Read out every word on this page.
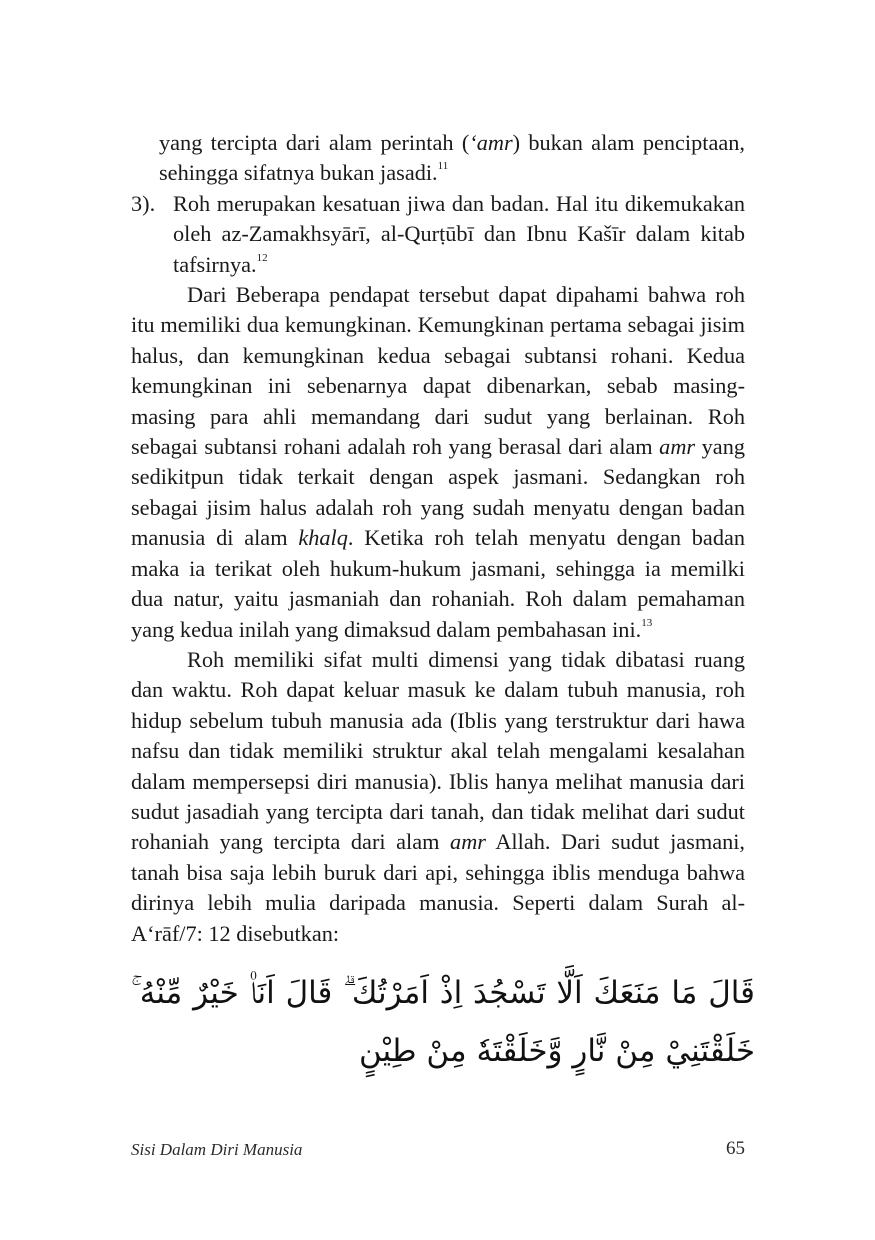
yang tercipta dari alam perintah (‘amr) bukan alam penciptaan, sehingga sifatnya bukan jasadi.$^{11}$

3). Roh merupakan kesatuan jiwa dan badan. Hal itu dikemukakan oleh az-Zamakhsyārī, al-Qurṭūbī dan Ibnu Kašīr dalam kitab tafsirnya.$^{12}$

Dari Beberapa pendapat tersebut dapat dipahami bahwa roh itu memiliki dua kemungkinan. Kemungkinan pertama sebagai jisim halus, dan kemungkinan kedua sebagai subtansi rohani. Kedua kemungkinan ini sebenarnya dapat dibenarkan, sebab masing-masing para ahli memandang dari sudut yang berlainan. Roh sebagai subtansi rohani adalah roh yang berasal dari alam amr yang sedikitpun tidak terkait dengan aspek jasmani. Sedangkan roh sebagai jisim halus adalah roh yang sudah menyatu dengan badan manusia di alam khalq. Ketika roh telah menyatu dengan badan maka ia terikat oleh hukum-hukum jasmani, sehingga ia memilki dua natur, yaitu jasmaniah dan rohaniah. Roh dalam pemahaman yang kedua inilah yang dimaksud dalam pembahasan ini.$^{13}$

Roh memiliki sifat multi dimensi yang tidak dibatasi ruang dan waktu. Roh dapat keluar masuk ke dalam tubuh manusia, roh hidup sebelum tubuh manusia ada (Iblis yang terstruktur dari hawa nafsu dan tidak memiliki struktur akal telah mengalami kesalahan dalam mempersepsi diri manusia). Iblis hanya melihat manusia dari sudut jasadiah yang tercipta dari tanah, dan tidak melihat dari sudut rohaniah yang tercipta dari alam amr Allah. Dari sudut jasmani, tanah bisa saja lebih buruk dari api, sehingga iblis menduga bahwa dirinya lebih mulia daripada manusia. Seperti dalam Surah al-A‘rāf/7: 12 disebutkan:

قَالَ مَا مَنَعَكَ اَلَّا تَسْجُدَ اِذْ اَمَرْتُكَ ۗ قَالَ اَنَا۠ خَيْرٌ مِّنْهُ ۚ خَلَقْتَنِيْ مِنْ نَّارٍ وَّخَلَقْتَهٗ مِنْ طِيْنٍ
Sisi Dalam Diri Manusia	65
